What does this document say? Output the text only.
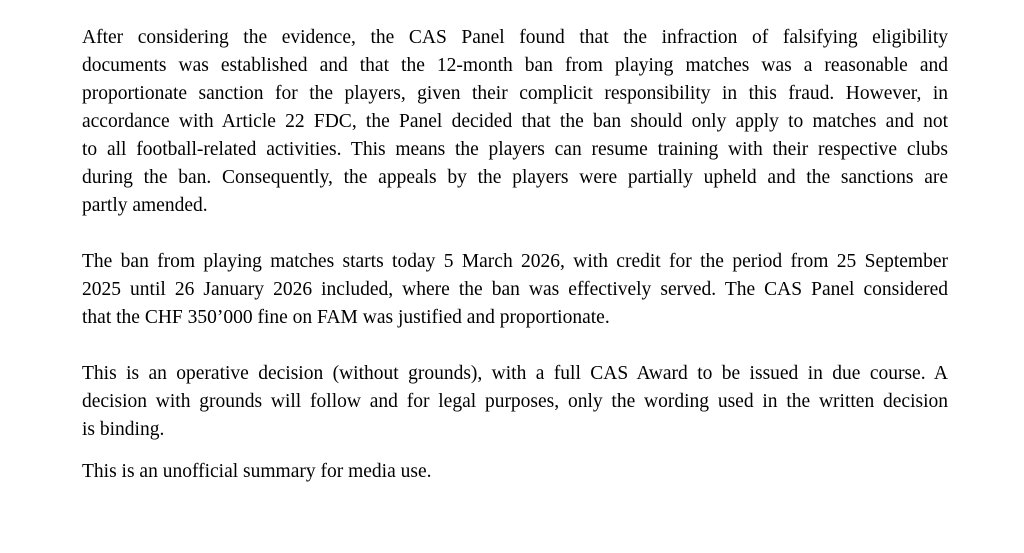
After considering the evidence, the CAS Panel found that the infraction of falsifying eligibility
documents was established and that the 12-month ban from playing matches was a reasonable and
proportionate sanction for the players, given their complicit responsibility in this fraud. However, in
accordance with Article 22 FDC, the Panel decided that the ban should only apply to matches and not
to all football-related activities. This means the players can resume training with their respective clubs
during the ban. Consequently, the appeals by the players were partially upheld and the sanctions are
partly amended.

The ban from playing matches starts today 5 March 2026, with credit for the period from 25 September
2025 until 26 January 2026 included, where the ban was effectively served. The CAS Panel considered
that the CHF 350’000 fine on FAM was justified and proportionate.

This is an operative decision (without grounds), with a full CAS Award to be issued in due course. A
decision with grounds will follow and for legal purposes, only the wording used in the written decision
is binding.

This is an unofficial summary for media use.
